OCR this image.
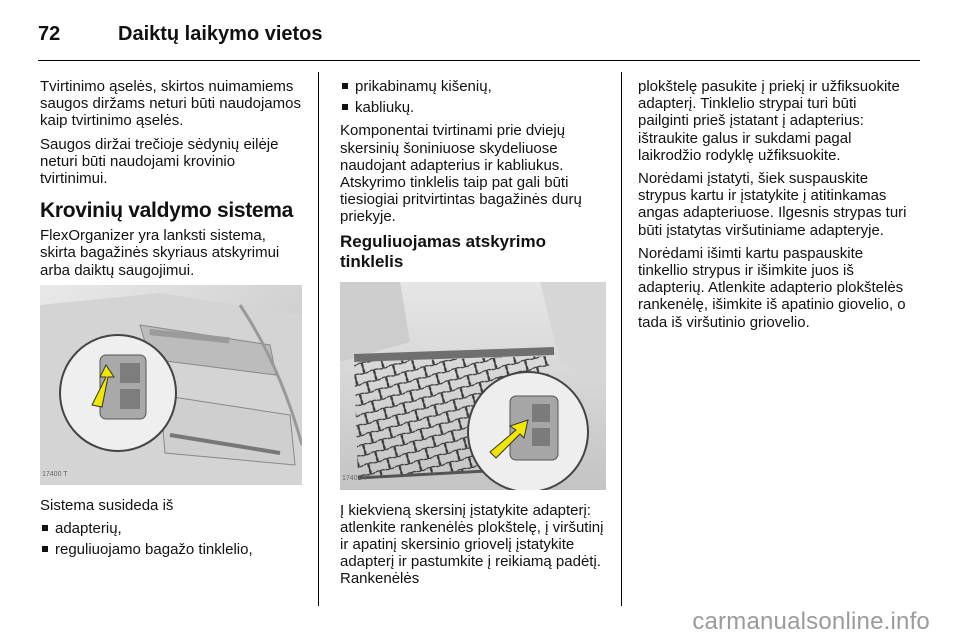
72	Daiktų laikymo vietos

Tvirtinimo ąselės, skirtos nuimamiems saugos diržams neturi būti naudojamos kaip tvirtinimo ąselės.

Saugos diržai trečioje sėdynių eilėje neturi būti naudojami krovinio tvirtinimui.

Krovinių valdymo sistema

FlexOrganizer yra lanksti sistema, skirta bagažinės skyriaus atskyrimui arba daiktų saugojimui.

17400 T

Sistema susideda iš

adapterių,
reguliuojamo bagažo tinklelio,
prikabinamų kišenių,
kabliukų.

Komponentai tvirtinami prie dviejų skersinių šoniniuose skydeliuose naudojant adapterius ir kabliukus. Atskyrimo tinklelis taip pat gali būti tiesiogiai pritvirtintas bagažinės durų priekyje.

Reguliuojamas atskyrimo tinklelis
17401 T

Į kiekvieną skersinį įstatykite adapterį: atlenkite rankenėlės plokštelę, į viršutinį ir apatinį skersinio griovelį įstatykite adapterį ir pastumkite į reikiamą padėtį. Rankenėlės

plokštelę pasukite į priekį ir užfiksuokite adapterį. Tinklelio strypai turi būti pailginti prieš įstatant į adapterius: ištraukite galus ir sukdami pagal laikrodžio rodyklę užfiksuokite.

Norėdami įstatyti, šiek suspauskite strypus kartu ir įstatykite į atitinkamas angas adapteriuose. Ilgesnis strypas turi būti įstatytas viršutiniame adapteryje.

Norėdami išimti kartu paspauskite tinkellio strypus ir išimkite juos iš adapterių. Atlenkite adapterio plokštelės rankenėlę, išimkite iš apatinio giovelio, o tada iš viršutinio griovelio.

carmanualsonline.info
